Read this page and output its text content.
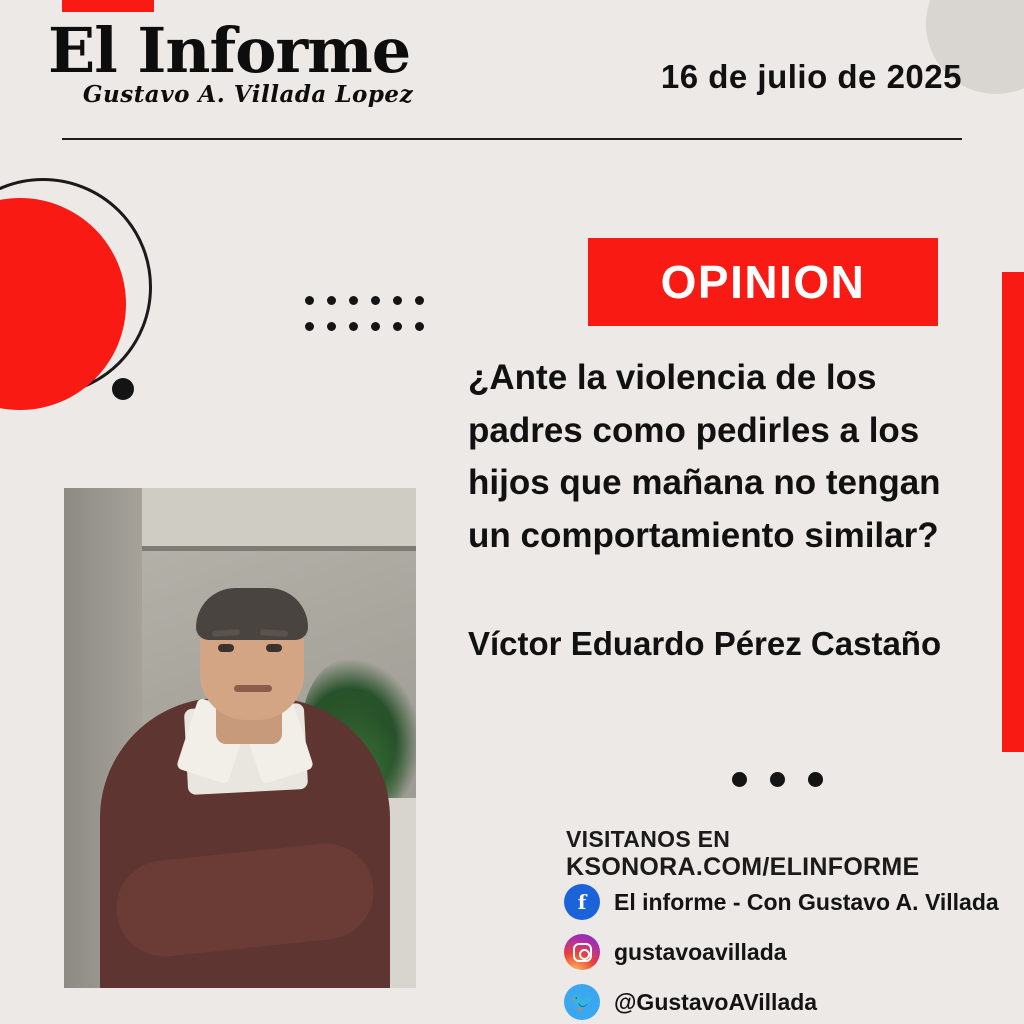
El Informe
Gustavo A. Villada Lopez	16 de julio de 2025
OPINION
¿Ante la violencia de los padres como pedirles a los hijos que mañana no tengan un comportamiento similar?
Víctor Eduardo Pérez Castaño
VISITANOS EN KSONORA.COM/ELINFORME
f	El informe - Con Gustavo A. Villada
gustavoavillada
🐦 @GustavoAVillada
